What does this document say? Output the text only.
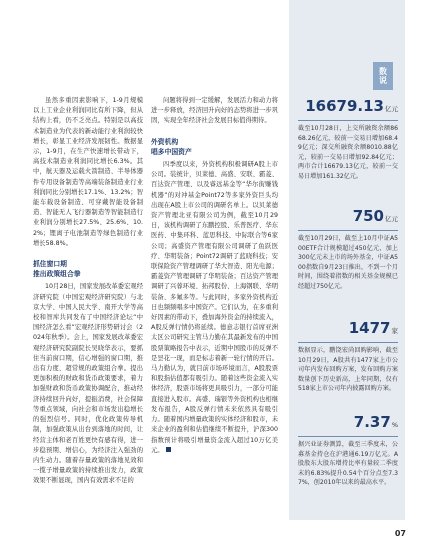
虽然多重因素影响下，1-9月规模以上工业企业利润同比有所下降，但从结构上看，仍不乏亮点。特别是以高技术制造业为代表的新动能行业利润较快增长，彰显工业经济发展韧性。数据显示，1-9月，在生产快速增长带动下，高技术制造业利润同比增长6.3%。其中，航天器及运载火箭制造、半导体器件专用设备制造等高端装备制造业行业利润同比分别增长17.1%、13.2%；智能车载设备制造、可穿戴智能设备制造、智能无人飞行器制造等智能制造行业利润分别增长27.5%、25.6%、10.2%；锂离子电池制造等绿色制造行业增长58.8%。

抓住窗口期
推出政策组合拳

10月28日，国家发展改革委宏观经济研究院（中国宏观经济研究院）与北京大学、中国人民大学、南开大学等高校和智库共同发布了中国经济论坛“中国经济怎么看”宏观经济形势研讨会（2024年秋季）。会上，国家发展改革委宏观经济研究院副院长吴晓华表示，要抓住当前窗口期，信心增强的窗口期，推出有力度、超常规的政策组合拳。提出更加积极的财政和货币政策要求，着力加强财政和货币政策协调配合，推动经济持续回升向好，提振消费，社会保障等重点领域，向社会和市场发出稳增长的强烈信号。同时，优化政策传导机制，加强政策从出台到落地的时间，让经营主体和老百姓更快有感有得，进一步稳预期、增信心，为经济注入强劲的内生动力。随着存量政策的落地见效和一揽子增量政策的持续推出发力，政策效果不断显现，国内有效需求不足的

问题将得到一定缓解，发展活力和动力将进一步释放，经济回升向好的态势将进一步巩固，实现全年经济社会发展目标值得期待。

外资机构
唱多中国资产

四季度以来，外资机构积极调研A股上市公司。装统计，贝莱德、高盛、安联、霸菱、百达资产管理、以及睿远基金等“华尔街赚钱机器”的对冲基金Point72等多家外资巨头均出现在A股上市公司的调研名单上。以贝莱德资产管理北亚有限公司为例，截至10月29日，该机构调研了东鹏控股、乐普医疗、华东医药、中集环科、蓝思科技、中际联合等6家公司；高盛资产管理有限公司调研了鱼跃医疗、华明装备；Point72调研了蓝晓科技；安联保险资产管理调研了华大智造、阳光电源；霸菱资产管理调研了华明装备；百达资产管理调研了兴蓉环境、拓邦股份、上海钢联、华明装备、多氟多等。与此同时，多家外资机构近日也频频唱多中国资产。它们认为，在多重利好因素的带动下，叠加海外资金的持续流入，A股反弹行情仍将延续。德意志银行首席亚洲太区公司研究主管马力勤在其最新发布的中国股票策略报告中表示，近期中国股市的反弹不是昙花一现，而是标志着新一轮行情的开启。马力勤认为，就目前市场环境而言，A股股票和股指估值都有吸引力。随着这些资金流入实体经济，股票市场将更具吸引力，一部分可能直接进入股市。高盛、瑞银等外资机构也相继发布报告，A股反弹行情未来依然具有吸引力。随着国内增量政策的实体经济和股市，未来企业的盈利和估值继续不断提升，沪深300指数预计将吸引增量资金流入超过10万亿美元。

数
说
16679.13亿元

截至10月28日，上交所融资余额8668.26亿元，较前一交易日增加68.49亿元；深交所融资余额8010.88亿元，较前一交易日增加92.84亿元；两市合计16679.13亿元，较前一交易日增加161.32亿元。

750亿元

截至10月29日，截至上10月中证A500ETF合计规模超过450亿元，加上300亿元未上市的场外基金，中证A500指数自9月23日推出，不到一个月时间，围绕着指数的相关基金规模已经超过750亿元。

1477家

数据显示，鹏饶宏尚回购影响，截至10月29日，A股共有1477家上市公司年内发布回购方案，发布回购方案数量创下历史新高，上年同期，仅有518家上市公司年内披露回购方案。

7.37%

据兴业证券测算，截至三季度末，公募基金持仓在沪港通6.19万亿元。A股股东大股东增持比率有量较二季度末的6.83%提升0.54个百分点至7.37%，创2010年以来的最高水平。

07
